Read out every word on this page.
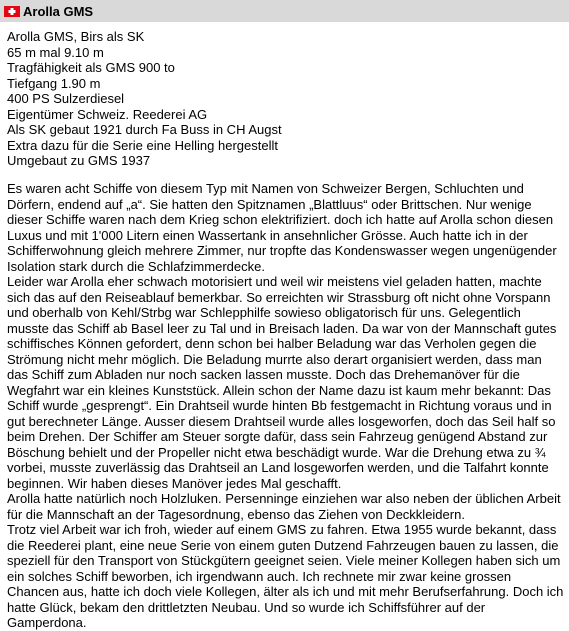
Arolla GMS
Arolla GMS, Birs als SK
65 m mal 9.10 m
Tragfähigkeit als GMS 900 to
Tiefgang 1.90 m
400 PS Sulzerdiesel
Eigentümer Schweiz. Reederei AG
Als SK gebaut 1921 durch Fa Buss in CH Augst
Extra dazu für die Serie eine Helling hergestellt
Umgebaut zu GMS 1937

Es waren acht Schiffe von diesem Typ mit Namen von Schweizer Bergen, Schluchten und Dörfern, endend auf „a“. Sie hatten den Spitznamen „Blattluus“ oder Brittschen. Nur wenige dieser Schiffe waren nach dem Krieg schon elektrifiziert. doch ich hatte auf Arolla schon diesen Luxus und mit 1'000 Litern einen Wassertank in ansehnlicher Grösse. Auch hatte ich in der Schifferwohnung gleich mehrere Zimmer, nur tropfte das Kondenswasser wegen ungenügender Isolation stark durch die Schlafzimmerdecke.

Leider war Arolla eher schwach motorisiert und weil wir meistens viel geladen hatten, machte sich das auf den Reiseablauf bemerkbar. So erreichten wir Strassburg oft nicht ohne Vorspann und oberhalb von Kehl/Strbg war Schlepphilfe sowieso obligatorisch für uns. Gelegentlich musste das Schiff ab Basel leer zu Tal und in Breisach laden. Da war von der Mannschaft gutes schiffisches Können gefordert, denn schon bei halber Beladung war das Verholen gegen die Strömung nicht mehr möglich. Die Beladung murrte also derart organisiert werden, dass man das Schiff zum Abladen nur noch sacken lassen musste. Doch das Drehemanöver für die Wegfahrt war ein kleines Kunststück. Allein schon der Name dazu ist kaum mehr bekannt: Das Schiff wurde „gesprengt“. Ein Drahtseil wurde hinten Bb festgemacht in Richtung voraus und in gut berechneter Länge. Ausser diesem Drahtseil wurde alles losgeworfen, doch das Seil half so beim Drehen. Der Schiffer am Steuer sorgte dafür, dass sein Fahrzeug genügend Abstand zur Böschung behielt und der Propeller nicht etwa beschädigt wurde. War die Drehung etwa zu ¾ vorbei, musste zuverlässig das Drahtseil an Land losgeworfen werden, und die Talfahrt konnte beginnen. Wir haben dieses Manöver jedes Mal geschafft.

Arolla hatte natürlich noch Holzluken. Persenninge einziehen war also neben der üblichen Arbeit für die Mannschaft an der Tagesordnung, ebenso das Ziehen von Deckkleidern.

Trotz viel Arbeit war ich froh, wieder auf einem GMS zu fahren. Etwa 1955 wurde bekannt, dass die Reederei plant, eine neue Serie von einem guten Dutzend Fahrzeugen bauen zu lassen, die speziell für den Transport von Stückgütern geeignet seien. Viele meiner Kollegen haben sich um ein solches Schiff beworben, ich irgendwann auch. Ich rechnete mir zwar keine grossen Chancen aus, hatte ich doch viele Kollegen, älter als ich und mit mehr Berufserfahrung. Doch ich hatte Glück, bekam den drittletzten Neubau. Und so wurde ich Schiffsführer auf der Gamperdona.
